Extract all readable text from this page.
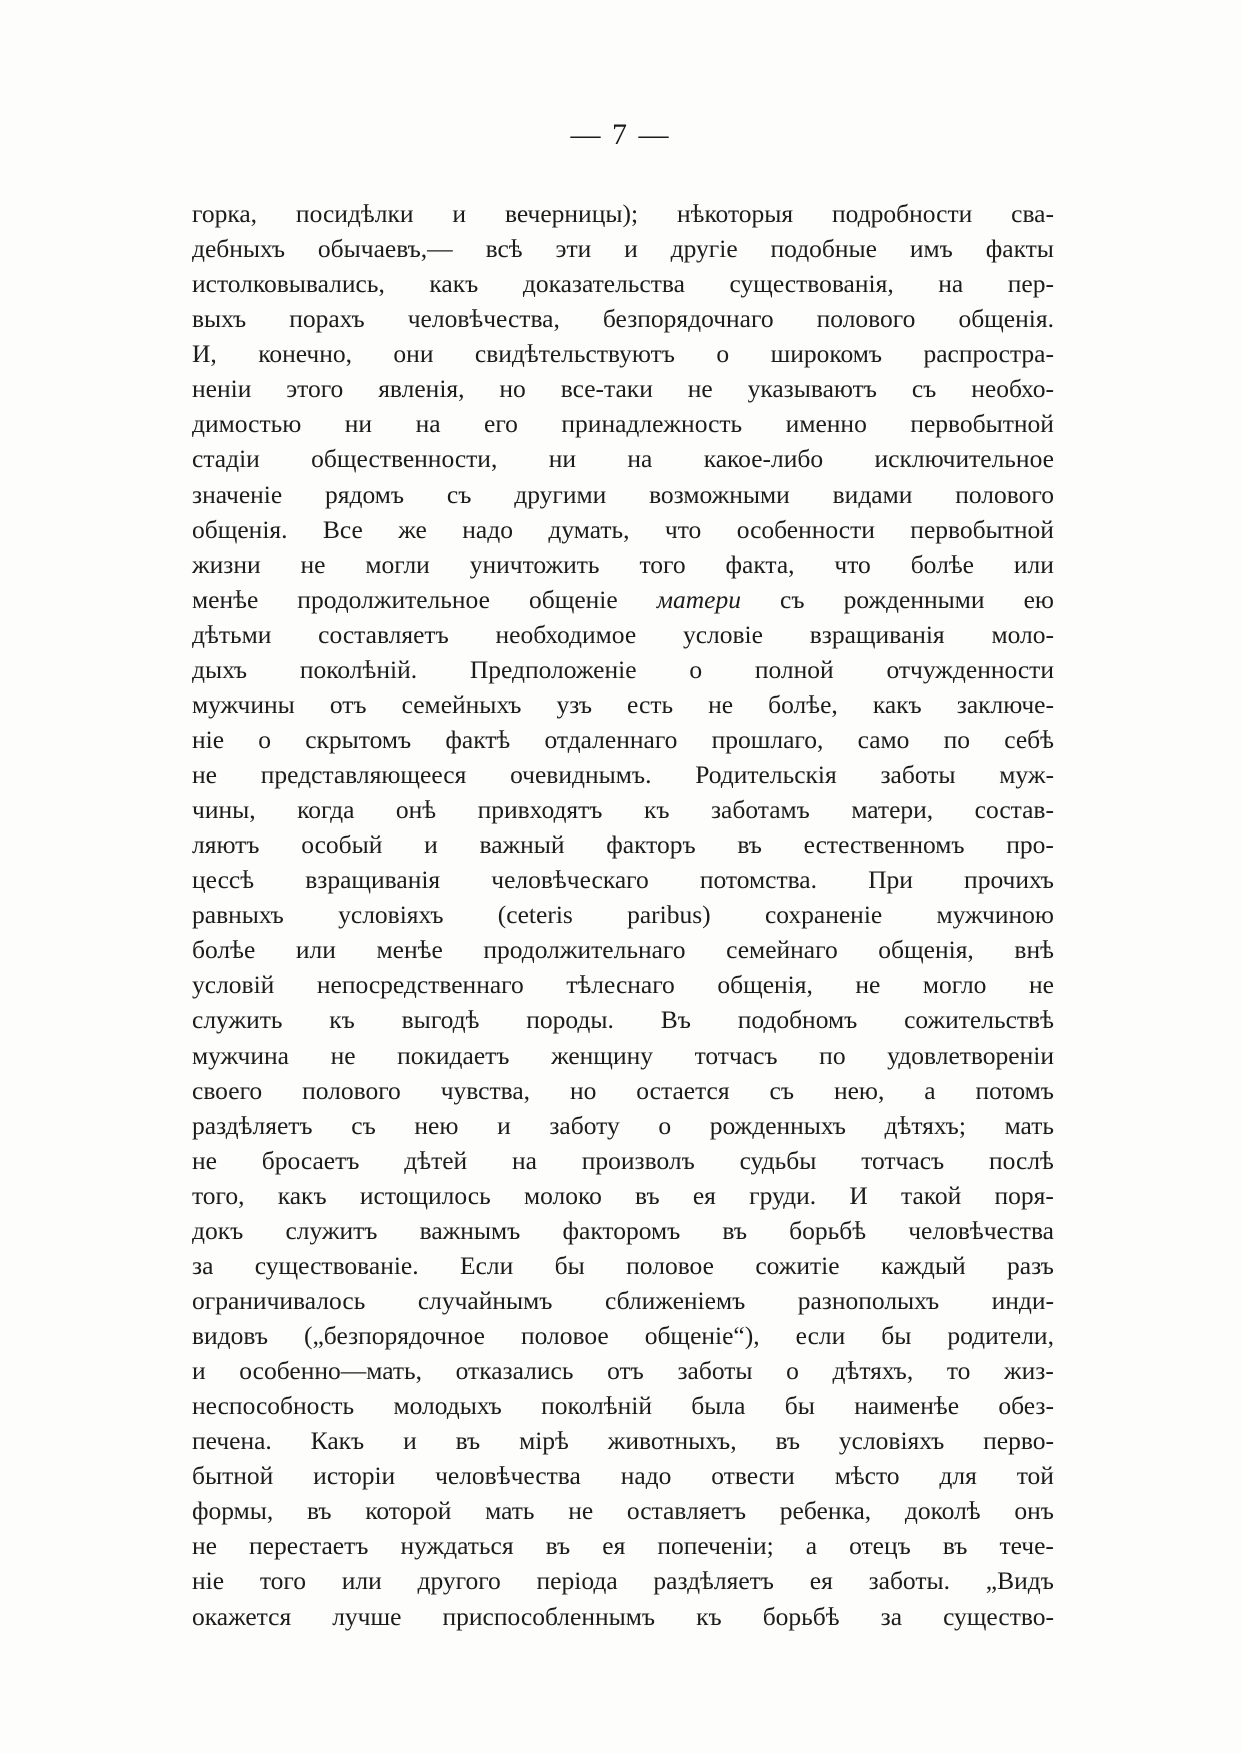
— 7 —
горка, посидѣлки и вечерницы); нѣкоторыя подробности сва-
дебныхъ обычаевъ,— всѣ эти и другіе подобные имъ факты
истолковывались, какъ доказательства существованія, на пер-
выхъ порахъ человѣчества, безпорядочнаго полового общенія.
И, конечно, они свидѣтельствуютъ о широкомъ распростра-
неніи этого явленія, но все-таки не указываютъ съ необхо-
димостью ни на его принадлежность именно первобытной
стадіи общественности, ни на какое-либо исключительное
значеніе рядомъ съ другими возможными видами полового
общенія. Все же надо думать, что особенности первобытной
жизни не могли уничтожить того факта, что болѣе или
менѣе продолжительное общеніе матери съ рожденными ею
дѣтьми составляетъ необходимое условіе взращиванія моло-
дыхъ поколѣній. Предположеніе о полной отчужденности
мужчины отъ семейныхъ узъ есть не болѣе, какъ заключе-
ніе о скрытомъ фактѣ отдаленнаго прошлаго, само по себѣ
не представляющееся очевиднымъ. Родительскія заботы муж-
чины, когда онѣ привходятъ къ заботамъ матери, состав-
ляютъ особый и важный факторъ въ естественномъ про-
цессѣ взращиванія человѣческаго потомства. При прочихъ
равныхъ условіяхъ (ceteris paribus) сохраненіе мужчиною
болѣе или менѣе продолжительнаго семейнаго общенія, внѣ
условій непосредственнаго тѣлеснаго общенія, не могло не
служить къ выгодѣ породы. Въ подобномъ сожительствѣ
мужчина не покидаетъ женщину тотчасъ по удовлетвореніи
своего полового чувства, но остается съ нею, а потомъ
раздѣляетъ съ нею и заботу о рожденныхъ дѣтяхъ; мать
не бросаетъ дѣтей на произволъ судьбы тотчасъ послѣ
того, какъ истощилось молоко въ ея груди. И такой поря-
докъ служитъ важнымъ факторомъ въ борьбѣ человѣчества
за существованіе. Если бы половое сожитіе каждый разъ
ограничивалось случайнымъ сближеніемъ разнополыхъ инди-
видовъ („безпорядочное половое общеніе“), если бы родители,
и особенно—мать, отказались отъ заботы о дѣтяхъ, то жиз-
неспособность молодыхъ поколѣній была бы наименѣе обез-
печена. Какъ и въ мірѣ животныхъ, въ условіяхъ перво-
бытной исторіи человѣчества надо отвести мѣсто для той
формы, въ которой мать не оставляетъ ребенка, доколѣ онъ
не перестаетъ нуждаться въ ея попеченіи; а отецъ въ тече-
ніе того или другого періода раздѣляетъ ея заботы. „Видъ
окажется лучше приспособленнымъ къ борьбѣ за существо-
